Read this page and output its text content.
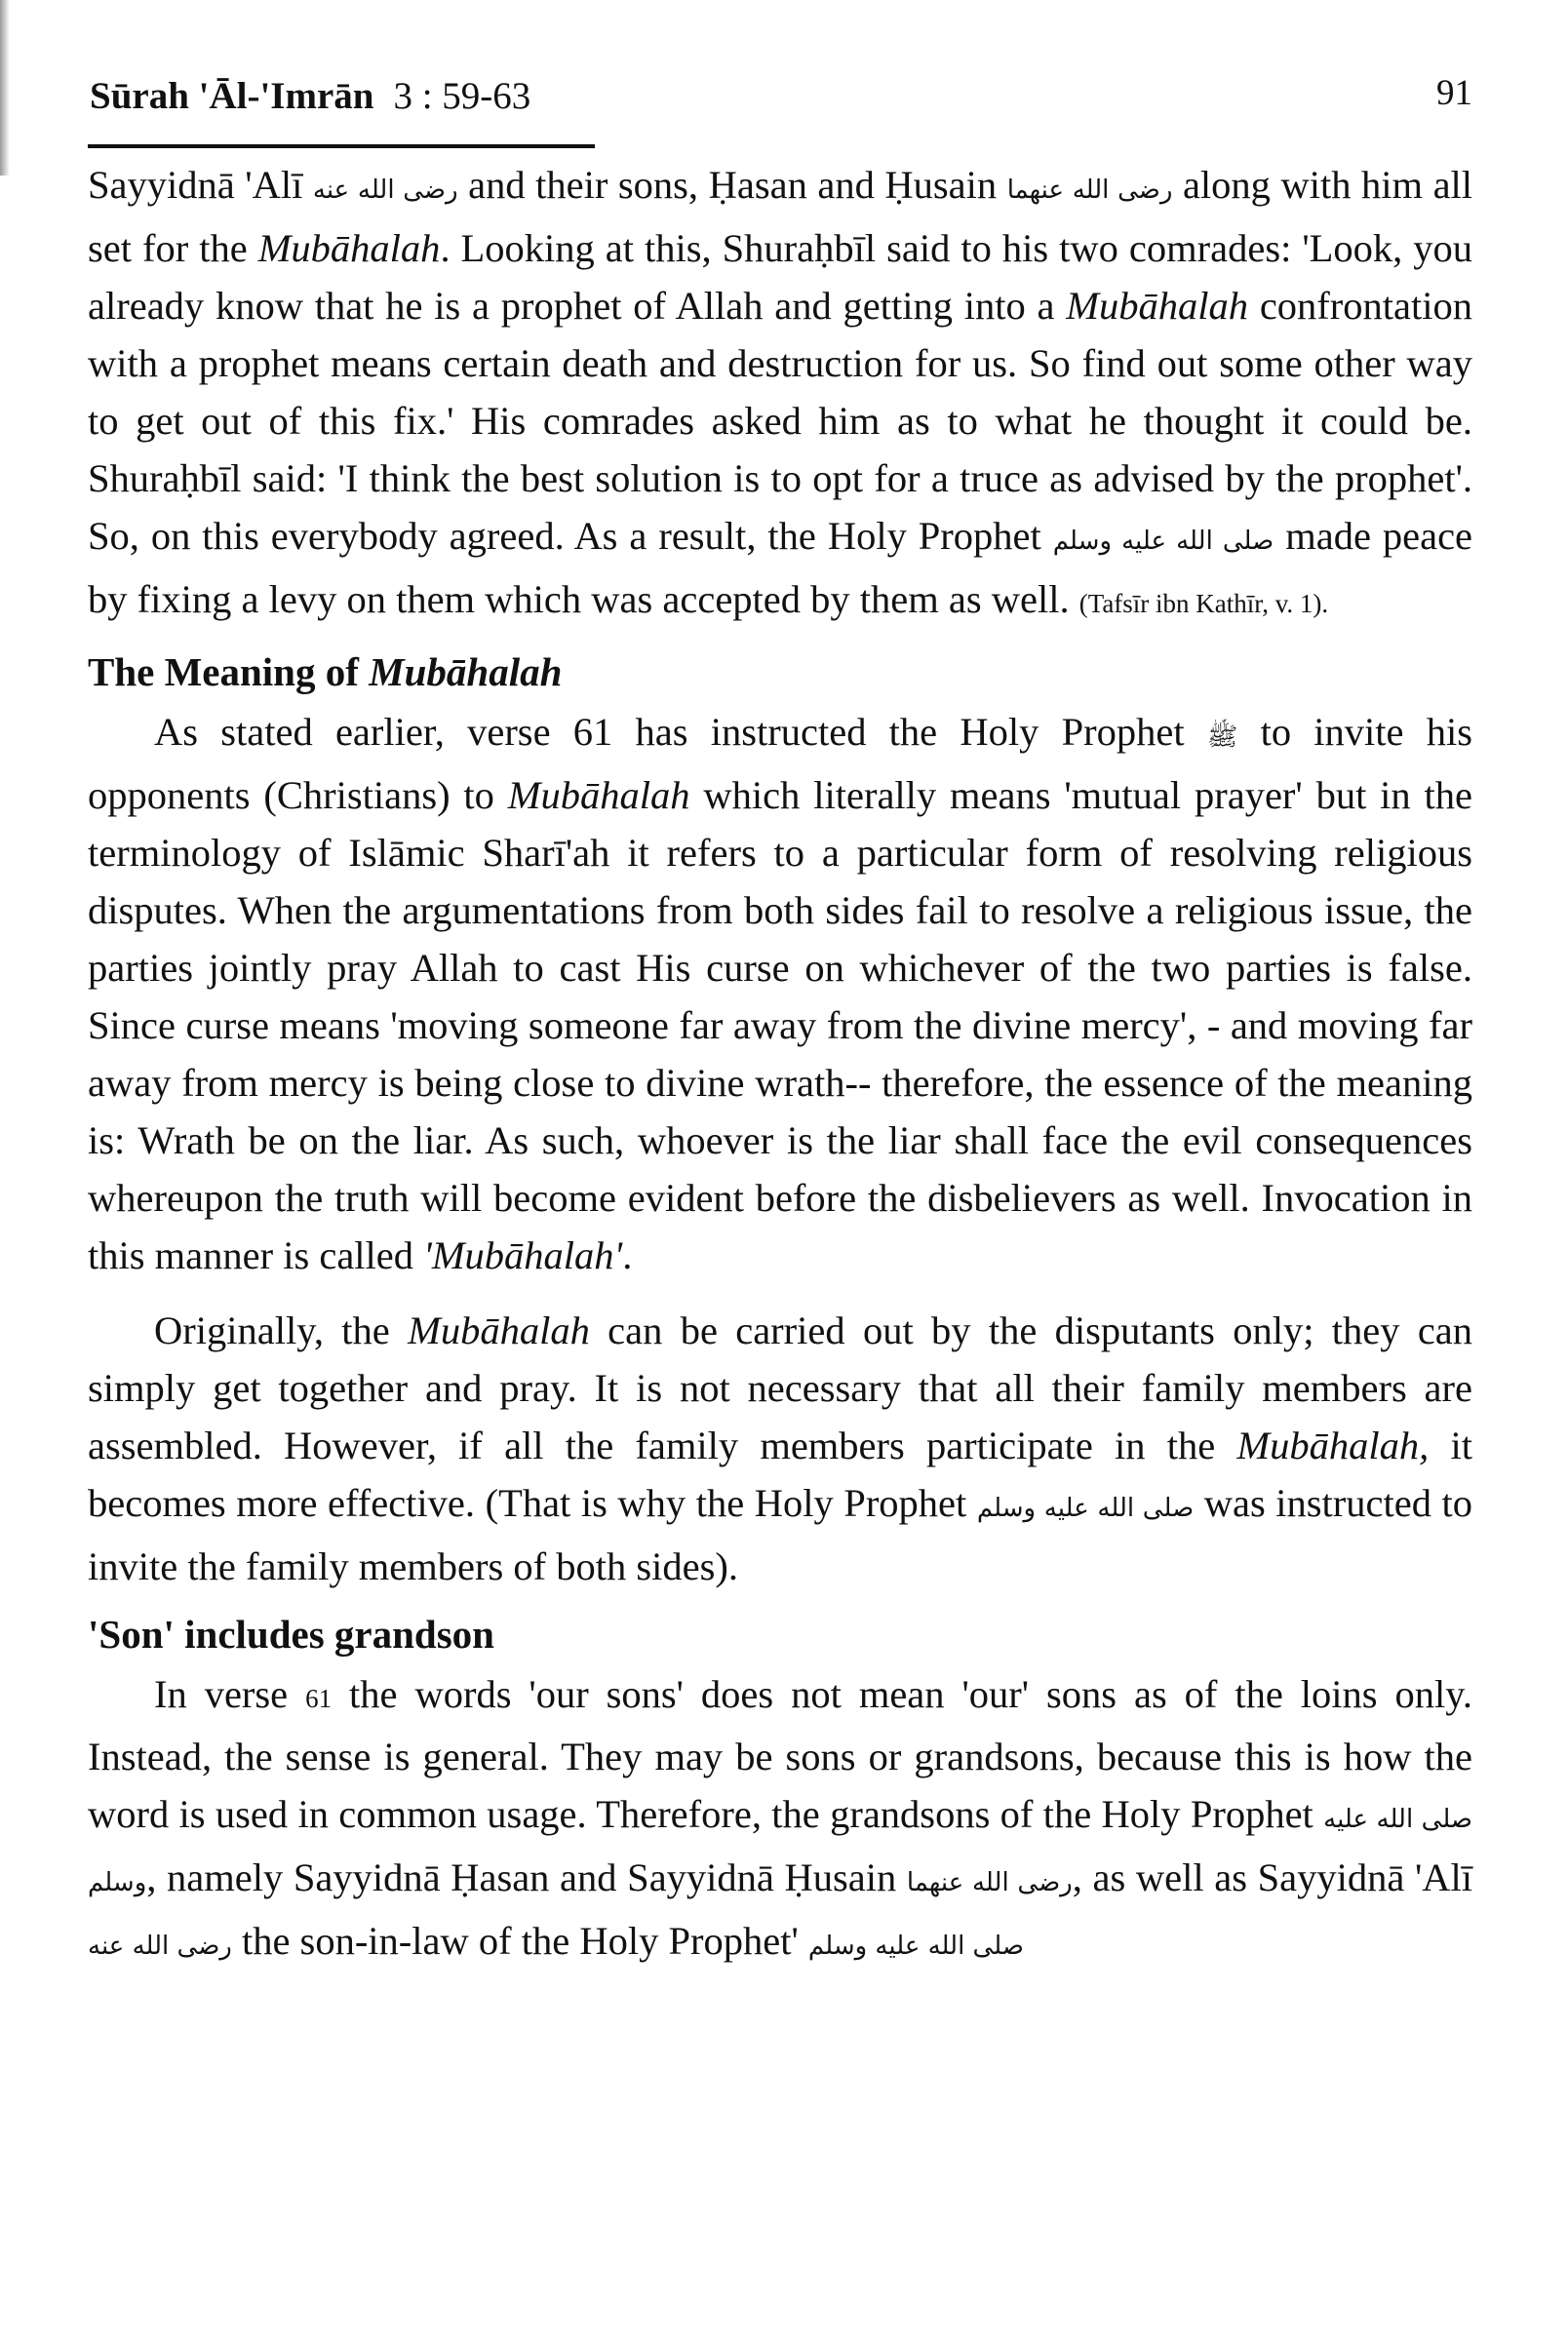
Sūrah 'Āl-'Imrān 3 : 59-63	91

Sayyidnā 'Alī رضی الله عنه and their sons, Ḥasan and Ḥusain رضی الله عنهما along with him all set for the Mubāhalah. Looking at this, Shuraḥbīl said to his two comrades: 'Look, you already know that he is a prophet of Allah and getting into a Mubāhalah confrontation with a prophet means certain death and destruction for us. So find out some other way to get out of this fix.' His comrades asked him as to what he thought it could be. Shuraḥbīl said: 'I think the best solution is to opt for a truce as advised by the prophet'. So, on this everybody agreed. As a result, the Holy Prophet صلی الله علیه وسلم made peace by fixing a levy on them which was accepted by them as well. (Tafsīr ibn Kathīr, v. 1).

The Meaning of Mubāhalah

As stated earlier, verse 61 has instructed the Holy Prophet ﷺ to invite his opponents (Christians) to Mubāhalah which literally means 'mutual prayer' but in the terminology of Islāmic Sharī'ah it refers to a particular form of resolving religious disputes. When the argumentations from both sides fail to resolve a religious issue, the parties jointly pray Allah to cast His curse on whichever of the two parties is false. Since curse means 'moving someone far away from the divine mercy', - and moving far away from mercy is being close to divine wrath-- therefore, the essence of the meaning is: Wrath be on the liar. As such, whoever is the liar shall face the evil consequences whereupon the truth will become evident before the disbelievers as well. Invocation in this manner is called 'Mubāhalah'.

Originally, the Mubāhalah can be carried out by the disputants only; they can simply get together and pray. It is not necessary that all their family members are assembled. However, if all the family members participate in the Mubāhalah, it becomes more effective. (That is why the Holy Prophet صلی الله علیه وسلم was instructed to invite the family members of both sides).

'Son' includes grandson

In verse 61 the words 'our sons' does not mean 'our' sons as of the loins only. Instead, the sense is general. They may be sons or grandsons, because this is how the word is used in common usage. Therefore, the grandsons of the Holy Prophet صلی الله علیه وسلم, namely Sayyidnā Ḥasan and Sayyidnā Ḥusain رضی الله عنهما, as well as Sayyidnā 'Alī رضی الله عنه the son-in-law of the Holy Prophet' صلی الله علیه وسلم
